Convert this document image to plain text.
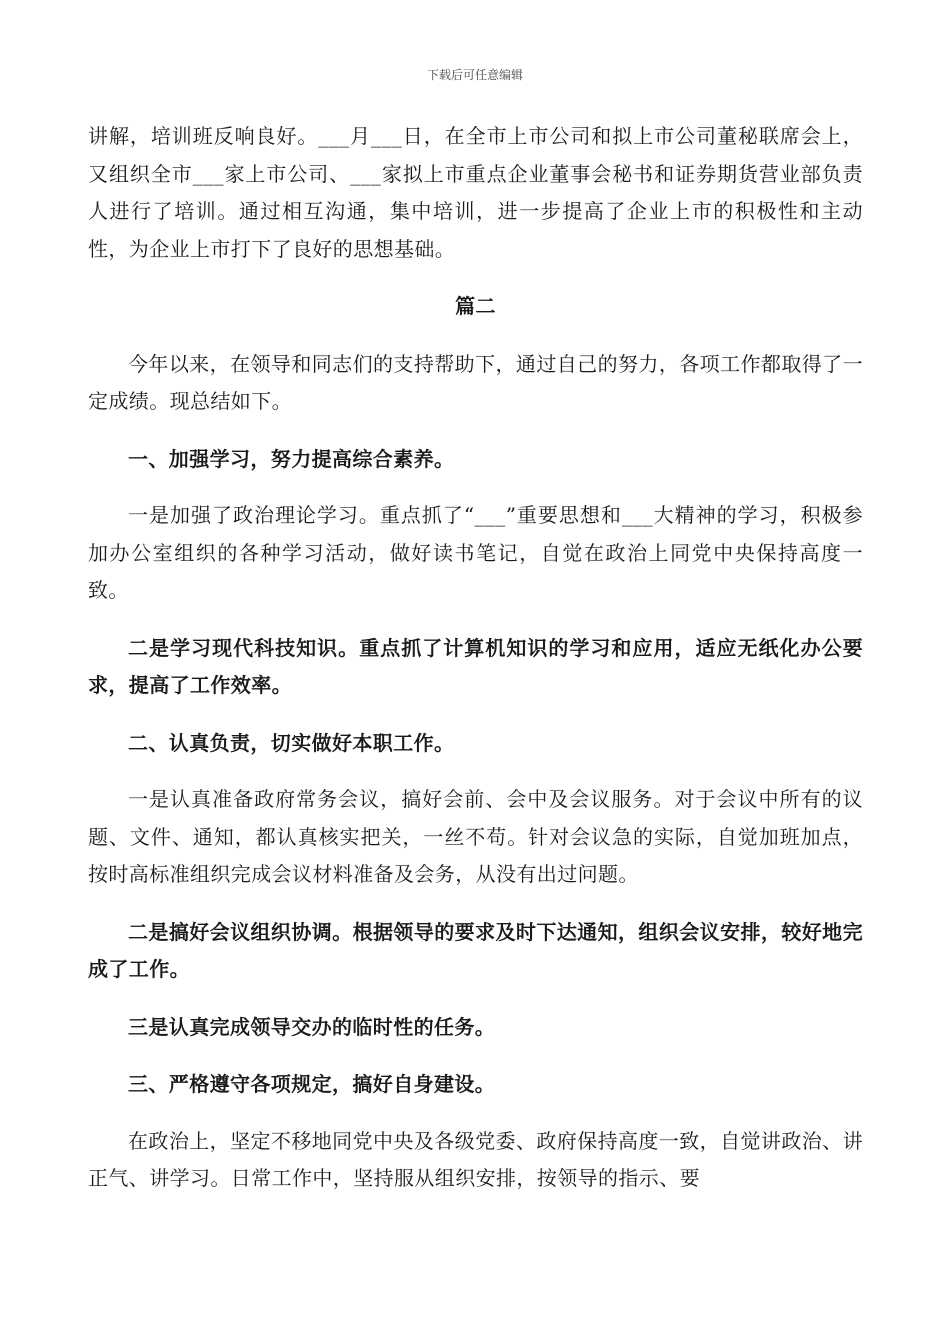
下载后可任意编辑

讲解，培训班反响良好。___月___日，在全市上市公司和拟上市公司董秘联席会上，又组织全市___家上市公司、___家拟上市重点企业董事会秘书和证券期货营业部负责人进行了培训。通过相互沟通，集中培训，进一步提高了企业上市的积极性和主动性，为企业上市打下了良好的思想基础。

篇二

今年以来，在领导和同志们的支持帮助下，通过自己的努力，各项工作都取得了一定成绩。现总结如下。

一、加强学习，努力提高综合素养。

一是加强了政治理论学习。重点抓了“___”重要思想和___大精神的学习，积极参加办公室组织的各种学习活动，做好读书笔记，自觉在政治上同党中央保持高度一致。

二是学习现代科技知识。重点抓了计算机知识的学习和应用，适应无纸化办公要求，提高了工作效率。

二、认真负责，切实做好本职工作。

一是认真准备政府常务会议，搞好会前、会中及会议服务。对于会议中所有的议题、文件、通知，都认真核实把关，一丝不苟。针对会议急的实际，自觉加班加点，按时高标准组织完成会议材料准备及会务，从没有出过问题。

二是搞好会议组织协调。根据领导的要求及时下达通知，组织会议安排，较好地完成了工作。

三是认真完成领导交办的临时性的任务。

三、严格遵守各项规定，搞好自身建设。

在政治上，坚定不移地同党中央及各级党委、政府保持高度一致，自觉讲政治、讲正气、讲学习。日常工作中，坚持服从组织安排，按领导的指示、要
